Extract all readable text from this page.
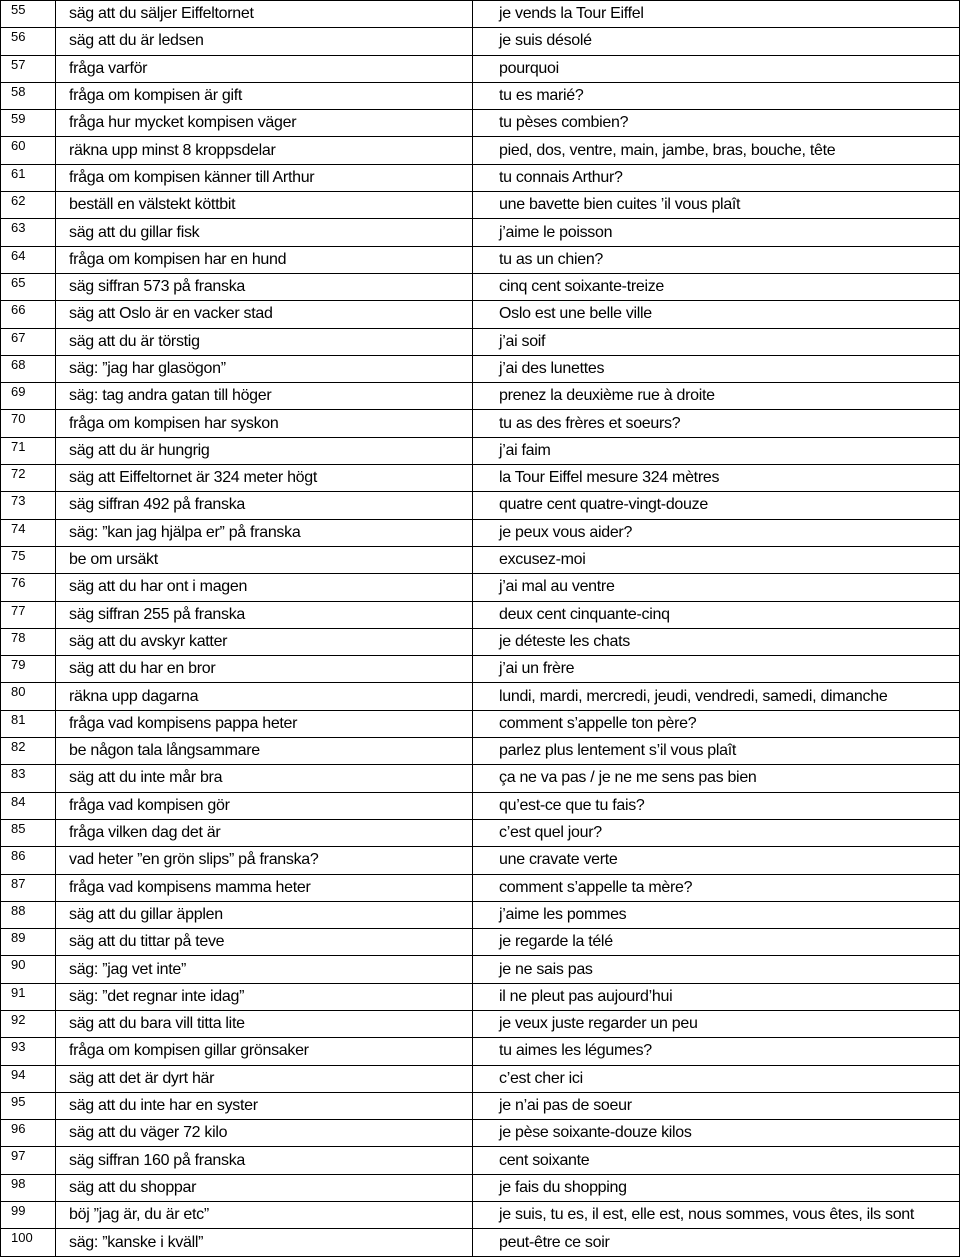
55	säg att du säljer Eiffeltornet	je vends la Tour Eiffel
56	säg att du är ledsen	je suis désolé
57	fråga varför	pourquoi
58	fråga om kompisen är gift	tu es marié?
59	fråga hur mycket kompisen väger	tu pèses combien?
60	räkna upp minst 8 kroppsdelar	pied, dos, ventre, main, jambe, bras, bouche, tête
61	fråga om kompisen känner till Arthur	tu connais Arthur?
62	beställ en välstekt köttbit	une bavette bien cuites ’il vous plaît
63	säg att du gillar fisk	j’aime le poisson
64	fråga om kompisen har en hund	tu as un chien?
65	säg siffran 573 på franska	cinq cent soixante-treize
66	säg att Oslo är en vacker stad	Oslo est une belle ville
67	säg att du är törstig	j’ai soif
68	säg: ”jag har glasögon”	j’ai des lunettes
69	säg: tag andra gatan till höger	prenez la deuxième rue à droite
70	fråga om kompisen har syskon	tu as des frères et soeurs?
71	säg att du är hungrig	j’ai faim
72	säg att Eiffeltornet är 324 meter högt	la Tour Eiffel mesure 324 mètres
73	säg siffran 492 på franska	quatre cent quatre-vingt-douze
74	säg: ”kan jag hjälpa er” på franska	je peux vous aider?
75	be om ursäkt	excusez-moi
76	säg att du har ont i magen	j’ai mal au ventre
77	säg siffran 255 på franska	deux cent cinquante-cinq
78	säg att du avskyr katter	je déteste les chats
79	säg att du har en bror	j’ai un frère
80	räkna upp dagarna	lundi, mardi, mercredi, jeudi, vendredi, samedi, dimanche
81	fråga vad kompisens pappa heter	comment s’appelle ton père?
82	be någon tala långsammare	parlez plus lentement s’il vous plaît
83	säg att du inte mår bra	ça ne va pas / je ne me sens pas bien
84	fråga vad kompisen gör	qu’est-ce que tu fais?
85	fråga vilken dag det är	c’est quel jour?
86	vad heter ”en grön slips” på franska?	une cravate verte
87	fråga vad kompisens mamma heter	comment s’appelle ta mère?
88	säg att du gillar äpplen	j’aime les pommes
89	säg att du tittar på teve	je regarde la télé
90	säg: ”jag vet inte”	je ne sais pas
91	säg: ”det regnar inte idag”	il ne pleut pas aujourd’hui
92	säg att du bara vill titta lite	je veux juste regarder un peu
93	fråga om kompisen gillar grönsaker	tu aimes les légumes?
94	säg att det är dyrt här	c’est cher ici
95	säg att du inte har en syster	je n’ai pas de soeur
96	säg att du väger 72 kilo	je pèse soixante-douze kilos
97	säg siffran 160 på franska	cent soixante
98	säg att du shoppar	je fais du shopping
99	böj ”jag är, du är etc”	je suis, tu es, il est, elle est, nous sommes, vous êtes, ils sont
100	säg: ”kanske i kväll”	peut-être ce soir
